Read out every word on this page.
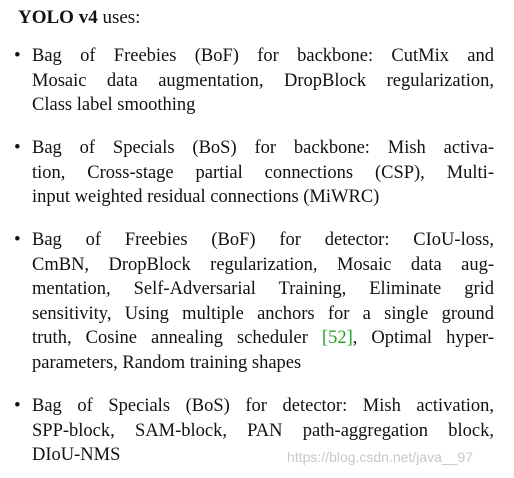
YOLO v4 uses:
• Bag of Freebies (BoF) for backbone: CutMix and
Mosaic data augmentation, DropBlock regularization,
Class label smoothing
• Bag of Specials (BoS) for backbone: Mish activa-
tion, Cross-stage partial connections (CSP), Multi-
input weighted residual connections (MiWRC)
• Bag of Freebies (BoF) for detector: CIoU-loss,
CmBN, DropBlock regularization, Mosaic data aug-
mentation, Self-Adversarial Training, Eliminate grid
sensitivity, Using multiple anchors for a single ground
truth, Cosine annealing scheduler [52], Optimal hyper-
parameters, Random training shapes
• Bag of Specials (BoS) for detector: Mish activation,
SPP-block, SAM-block, PAN path-aggregation block,
DIoU-NMS	https://blog.csdn.net/java__97
